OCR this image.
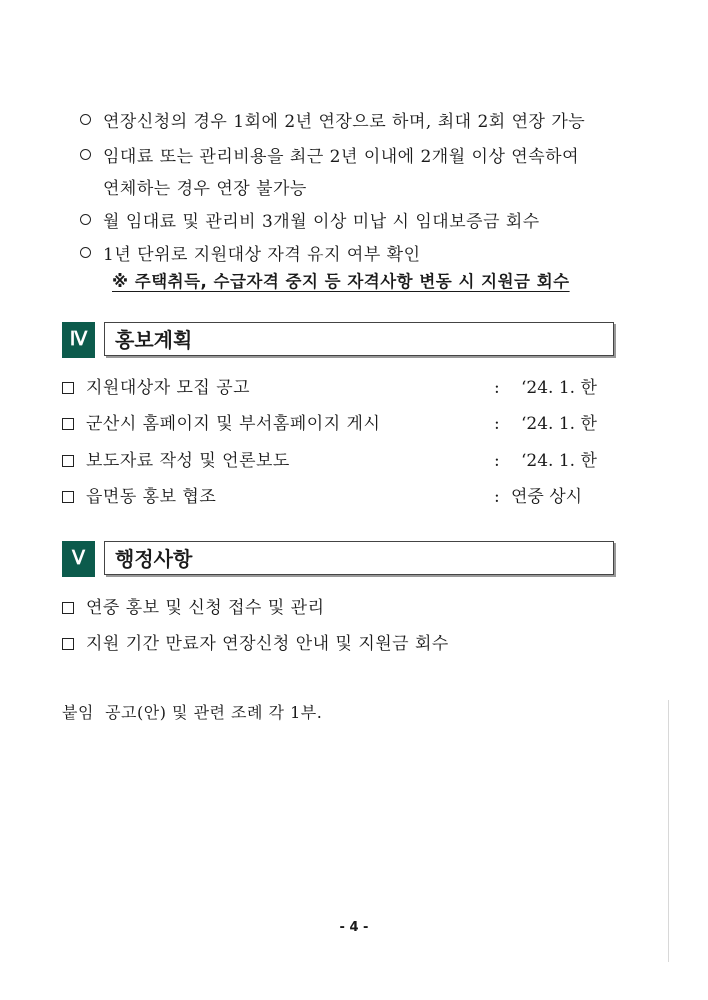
연장신청의 경우 1회에 2년 연장으로 하며, 최대 2회 연장 가능
임대료 또는 관리비용을 최근 2년 이내에 2개월 이상 연속하여
연체하는 경우 연장 불가능
월 임대료 및 관리비 3개월 이상 미납 시 임대보증금 회수
1년 단위로 지원대상 자격 유지 여부 확인
※ 주택취득, 수급자격 중지 등 자격사항 변동 시 지원금 회수
Ⅳ	홍보계획
지원대상자 모집 공고	: ‘24. 1. 한
군산시 홈페이지 및 부서홈페이지 게시	: ‘24. 1. 한
보도자료 작성 및 언론보도	: ‘24. 1. 한
읍면동 홍보 협조	: 연중 상시
Ⅴ	행정사항
연중 홍보 및 신청 접수 및 관리
지원 기간 만료자 연장신청 안내 및 지원금 회수
붙임  공고(안) 및 관련 조례 각 1부.
- 4 -
